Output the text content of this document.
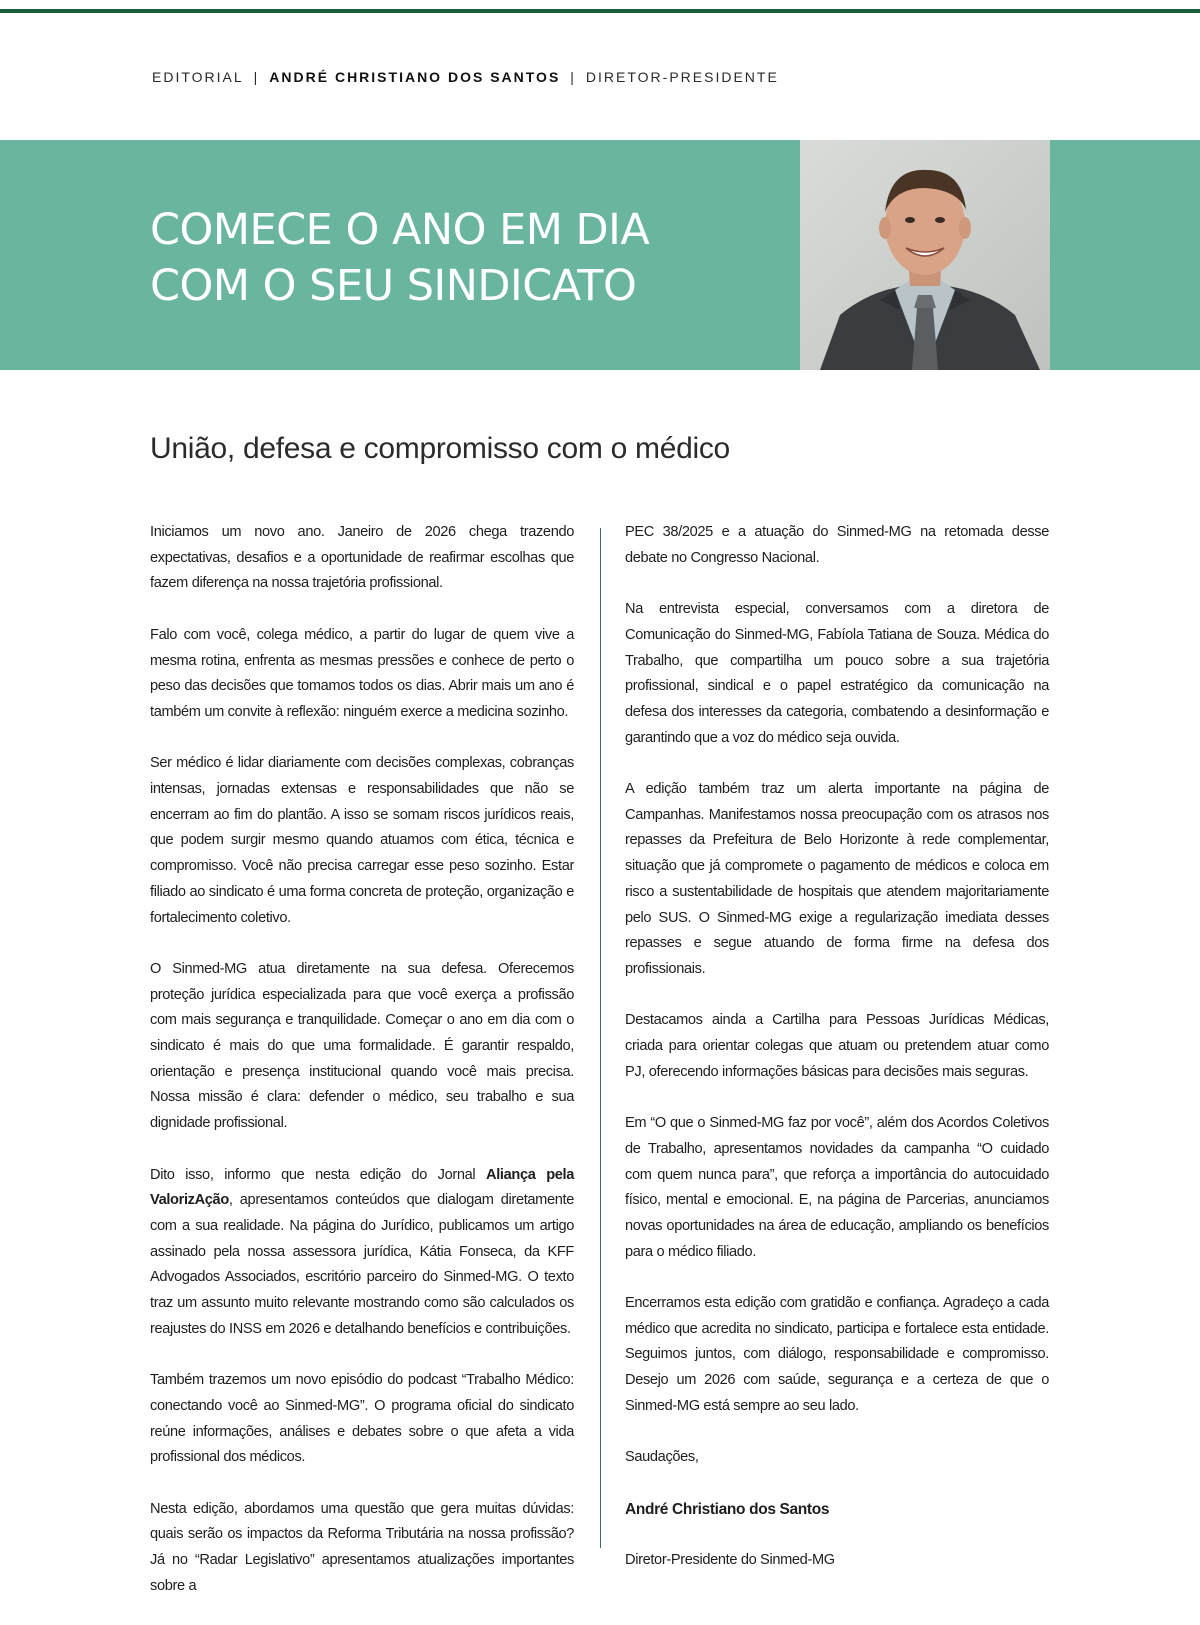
EDITORIAL | ANDRÉ CHRISTIANO DOS SANTOS | DIRETOR-PRESIDENTE
COMECE O ANO EM DIA
COM O SEU SINDICATO
União, defesa e compromisso com o médico

Iniciamos um novo ano. Janeiro de 2026 chega trazendo expectativas, desafios e a oportunidade de reafirmar escolhas que fazem diferença na nossa trajetória profissional.

Falo com você, colega médico, a partir do lugar de quem vive a mesma rotina, enfrenta as mesmas pressões e conhece de perto o peso das decisões que tomamos todos os dias. Abrir mais um ano é também um convite à reflexão: ninguém exerce a medicina sozinho.

Ser médico é lidar diariamente com decisões complexas, cobranças intensas, jornadas extensas e responsabilidades que não se encerram ao fim do plantão. A isso se somam riscos jurídicos reais, que podem surgir mesmo quando atuamos com ética, técnica e compromisso. Você não precisa carregar esse peso sozinho. Estar filiado ao sindicato é uma forma concreta de proteção, organização e fortalecimento coletivo.

O Sinmed-MG atua diretamente na sua defesa. Oferecemos proteção jurídica especializada para que você exerça a profissão com mais segurança e tranquilidade. Começar o ano em dia com o sindicato é mais do que uma formalidade. É garantir respaldo, orientação e presença institucional quando você mais precisa. Nossa missão é clara: defender o médico, seu trabalho e sua dignidade profissional.

Dito isso, informo que nesta edição do Jornal Aliança pela ValorizAção, apresentamos conteúdos que dialogam diretamente com a sua realidade. Na página do Jurídico, publicamos um artigo assinado pela nossa assessora jurídica, Kátia Fonseca, da KFF Advogados Associados, escritório parceiro do Sinmed-MG. O texto traz um assunto muito relevante mostrando como são calculados os reajustes do INSS em 2026 e detalhando benefícios e contribuições.

Também trazemos um novo episódio do podcast “Trabalho Médico: conectando você ao Sinmed-MG”. O programa oficial do sindicato reúne informações, análises e debates sobre o que afeta a vida profissional dos médicos.

Nesta edição, abordamos uma questão que gera muitas dúvidas: quais serão os impactos da Reforma Tributária na nossa profissão? Já no “Radar Legislativo” apresentamos atualizações importantes sobre a

PEC 38/2025 e a atuação do Sinmed-MG na retomada desse debate no Congresso Nacional.

Na entrevista especial, conversamos com a diretora de Comunicação do Sinmed-MG, Fabíola Tatiana de Souza. Médica do Trabalho, que compartilha um pouco sobre a sua trajetória profissional, sindical e o papel estratégico da comunicação na defesa dos interesses da categoria, combatendo a desinformação e garantindo que a voz do médico seja ouvida.

A edição também traz um alerta importante na página de Campanhas. Manifestamos nossa preocupação com os atrasos nos repasses da Prefeitura de Belo Horizonte à rede complementar, situação que já compromete o pagamento de médicos e coloca em risco a sustentabilidade de hospitais que atendem majoritariamente pelo SUS. O Sinmed-MG exige a regularização imediata desses repasses e segue atuando de forma firme na defesa dos profissionais.

Destacamos ainda a Cartilha para Pessoas Jurídicas Médicas, criada para orientar colegas que atuam ou pretendem atuar como PJ, oferecendo informações básicas para decisões mais seguras.

Em “O que o Sinmed-MG faz por você”, além dos Acordos Coletivos de Trabalho, apresentamos novidades da campanha “O cuidado com quem nunca para”, que reforça a importância do autocuidado físico, mental e emocional. E, na página de Parcerias, anunciamos novas oportunidades na área de educação, ampliando os benefícios para o médico filiado.

Encerramos esta edição com gratidão e confiança. Agradeço a cada médico que acredita no sindicato, participa e fortalece esta entidade. Seguimos juntos, com diálogo, responsabilidade e compromisso. Desejo um 2026 com saúde, segurança e a certeza de que o Sinmed-MG está sempre ao seu lado.

Saudações,

André Christiano dos Santos

Diretor-Presidente do Sinmed-MG
